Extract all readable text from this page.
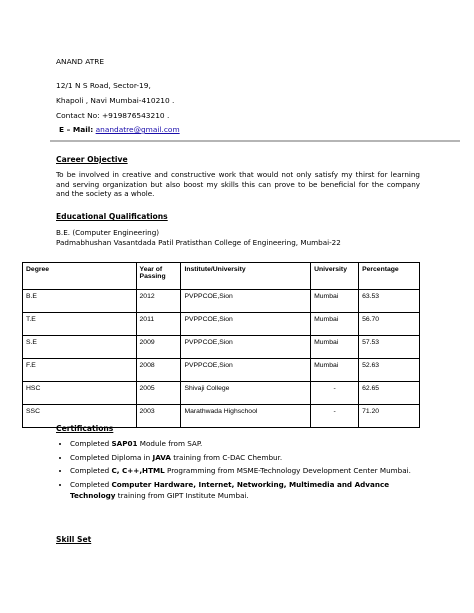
ANAND ATRE
12/1 N S Road, Sector-19,
Khapoli , Navi Mumbai-410210 .
Contact No: +919876543210 .
E – Mail: anandatre@gmail.com
Career Objective
To be involved in creative and constructive work that would not only satisfy my thirst for learning and serving organization but also boost my skills this can prove to be beneficial for the company and the society as a whole.
Educational Qualifications
B.E. (Computer Engineering)
Padmabhushan Vasantdada Patil Pratisthan College of Engineering, Mumbai-22
Degree	Year of Passing	Institute/University	University	Percentage
B.E	2012	PVPPCOE,Sion	Mumbai	63.53
T.E	2011	PVPPCOE,Sion	Mumbai	56.70
S.E	2009	PVPPCOE,Sion	Mumbai	57.53
F.E	2008	PVPPCOE,Sion	Mumbai	52.63
HSC	2005	Shivaji College	-	62.65
SSC	2003	Marathwada Highschool	-	71.20
Certifications
• Completed SAP01 Module from SAP.
• Completed Diploma in JAVA training from C-DAC Chembur.
• Completed C, C++,HTML Programming from MSME-Technology Development Center Mumbai.
• Completed Computer Hardware, Internet, Networking, Multimedia and Advance Technology training from GIPT Institute Mumbai.
Skill Set
